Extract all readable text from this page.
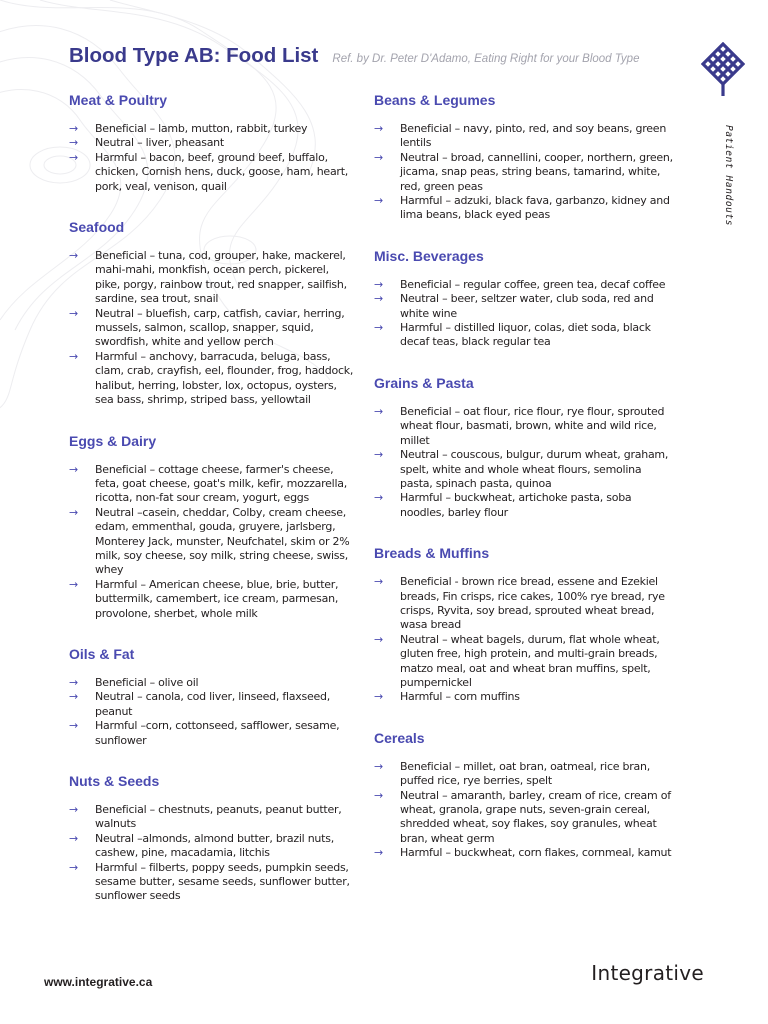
Blood Type AB: Food List Ref. by Dr. Peter D'Adamo, Eating Right for your Blood Type
Patient Handouts
Meat & Poultry
→ Beneficial – lamb, mutton, rabbit, turkey
→ Neutral – liver, pheasant
→ Harmful – bacon, beef, ground beef, buffalo, chicken, Cornish hens, duck, goose, ham, heart, pork, veal, venison, quail
Seafood
→ Beneficial – tuna, cod, grouper, hake, mackerel, mahi-mahi, monkfish, ocean perch, pickerel, pike, porgy, rainbow trout, red snapper, sailfish, sardine, sea trout, snail
→ Neutral – bluefish, carp, catfish, caviar, herring, mussels, salmon, scallop, snapper, squid, swordfish, white and yellow perch
→ Harmful – anchovy, barracuda, beluga, bass, clam, crab, crayfish, eel, flounder, frog, haddock, halibut, herring, lobster, lox, octopus, oysters, sea bass, shrimp, striped bass, yellowtail
Eggs & Dairy
→ Beneficial – cottage cheese, farmer's cheese, feta, goat cheese, goat's milk, kefir, mozzarella, ricotta, non-fat sour cream, yogurt, eggs
→ Neutral –casein, cheddar, Colby, cream cheese, edam, emmenthal, gouda, gruyere, jarlsberg, Monterey Jack, munster, Neufchatel, skim or 2% milk, soy cheese, soy milk, string cheese, swiss, whey
→ Harmful – American cheese, blue, brie, butter, buttermilk, camembert, ice cream, parmesan, provolone, sherbet, whole milk
Oils & Fat
→ Beneficial – olive oil
→ Neutral – canola, cod liver, linseed, flaxseed, peanut
→ Harmful –corn, cottonseed, safflower, sesame, sunflower
Nuts & Seeds
→ Beneficial – chestnuts, peanuts, peanut butter, walnuts
→ Neutral –almonds, almond butter, brazil nuts, cashew, pine, macadamia, litchis
→ Harmful – filberts, poppy seeds, pumpkin seeds, sesame butter, sesame seeds, sunflower butter, sunflower seeds
Beans & Legumes
→ Beneficial – navy, pinto, red, and soy beans, green lentils
→ Neutral – broad, cannellini, cooper, northern, green, jicama, snap peas, string beans, tamarind, white, red, green peas
→ Harmful – adzuki, black fava, garbanzo, kidney and lima beans, black eyed peas
Misc. Beverages
→ Beneficial – regular coffee, green tea, decaf coffee
→ Neutral – beer, seltzer water, club soda, red and white wine
→ Harmful – distilled liquor, colas, diet soda, black decaf teas, black regular tea
Grains & Pasta
→ Beneficial – oat flour, rice flour, rye flour, sprouted wheat flour, basmati, brown, white and wild rice, millet
→ Neutral – couscous, bulgur, durum wheat, graham, spelt, white and whole wheat flours, semolina pasta, spinach pasta, quinoa
→ Harmful – buckwheat, artichoke pasta, soba noodles, barley flour
Breads & Muffins
→ Beneficial - brown rice bread, essene and Ezekiel breads, Fin crisps, rice cakes, 100% rye bread, rye crisps, Ryvita, soy bread, sprouted wheat bread, wasa bread
→ Neutral – wheat bagels, durum, flat whole wheat, gluten free, high protein, and multi-grain breads, matzo meal, oat and wheat bran muffins, spelt, pumpernickel
→ Harmful – corn muffins
Cereals
→ Beneficial – millet, oat bran, oatmeal, rice bran, puffed rice, rye berries, spelt
→ Neutral – amaranth, barley, cream of rice, cream of wheat, granola, grape nuts, seven-grain cereal, shredded wheat, soy flakes, soy granules, wheat bran, wheat germ
→ Harmful – buckwheat, corn flakes, cornmeal, kamut
www.integrative.ca	Integrative
